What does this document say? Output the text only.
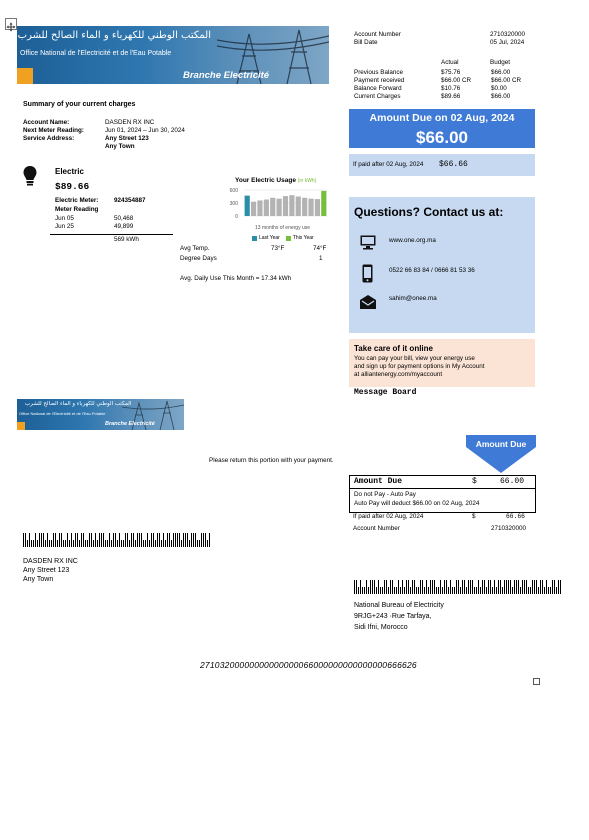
المكتب الوطني للكهرباء و الماء الصالح للشرب
Office National de l'Electricité et de l'Eau Potable
Branche Electricité
Account Number	2710320000
Bill Date	05 Jul, 2024
Actual	Budget
Previous Balance	$75.76	$66.00
Payment received	$66.00 CR	$66.00 CR
Balance Forward	$10.76	$0.00
Current Charges	$89.66	$66.00
Amount Due on 02 Aug, 2024
$66.00
If paid after 02 Aug, 2024 $66.66
Summary of your current charges
Account Name:	DASDEN RX INC
Next Meter Reading:	Jun 01, 2024 – Jun 30, 2024
Service Address:	Any Street 123
Any Town
Electric
$89.66
Electric Meter: 924354887
Meter Reading
Jun 05	50,468
Jun 25	49,899
569 kWh
Your Electric Usage (in kWh)
600
300
0
13 months of energy use
Last Year	This Year
Avg Temp.	73°F	74°F
Degree Days	1
Avg. Daily Use This Month = 17.34 kWh
Questions? Contact us at:
www.one.org.ma
0522 66 83 84 / 0666 81 53 36
sahim@onee.ma
Take care of it online
You can pay your bill, view your energy use
and sign up for payment options in My Account
at alliantenergy.com/myaccount
Message Board
المكتب الوطني للكهرباء و الماء الصالح للشرب
Office National de l'Electricité et de l'Eau Potable
Branche Electricité
Please return this portion with your payment.
Amount Due
Amount Due	$	66.00
Do not Pay - Auto Pay
Auto Pay will deduct $66.00 on 02 Aug, 2024
If paid after 02 Aug, 2024	$	66.66
Account Number	2710320000
DASDEN RX INC
Any Street 123
Any Town
National Bureau of Electricity
9RJG+243 ·Rue Tarfaya,
Sidi Ifni, Morocco
27103200000000000000066000000000000000666626
